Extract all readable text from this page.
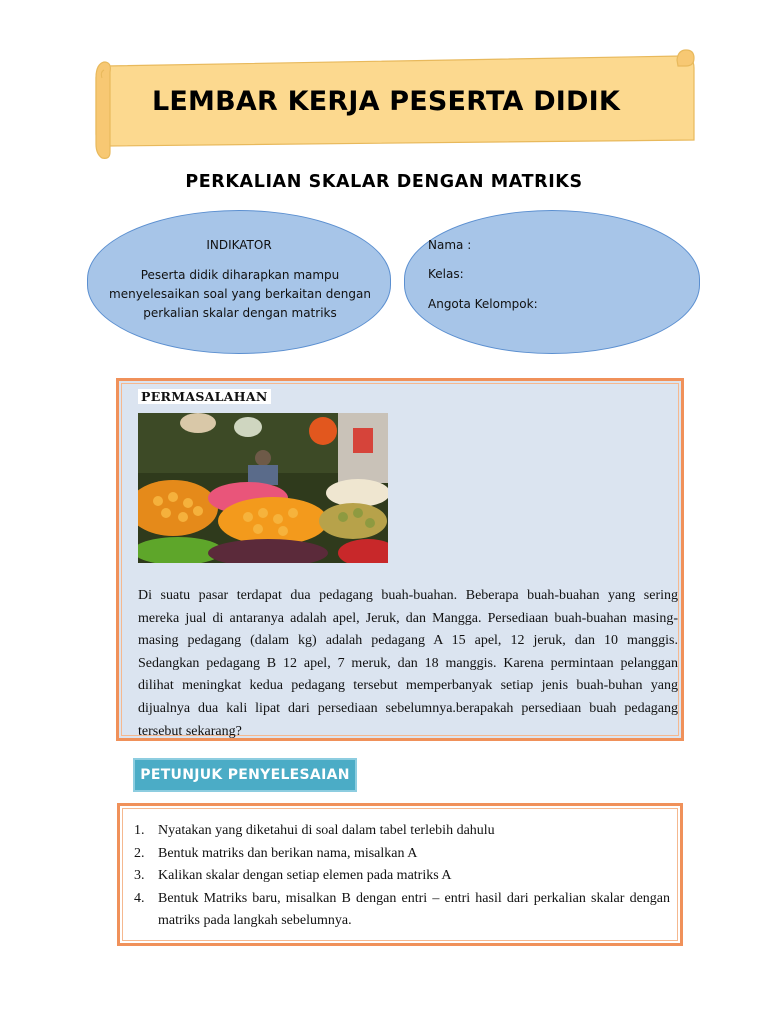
LEMBAR KERJA PESERTA DIDIK
PERKALIAN SKALAR DENGAN MATRIKS
INDIKATOR
Peserta didik diharapkan mampu menyelesaikan soal yang berkaitan dengan perkalian skalar dengan matriks
Nama :
Kelas:
Angota Kelompok:
PERMASALAHAN
Di suatu pasar terdapat dua pedagang buah-buahan. Beberapa buah-buahan yang sering
mereka jual di antaranya adalah apel, Jeruk, dan Mangga. Persediaan buah-buahan masing-
masing pedagang (dalam kg) adalah pedagang A 15 apel, 12 jeruk, dan 10 manggis.
Sedangkan pedagang B 12 apel, 7 meruk, dan 18 manggis. Karena permintaan pelanggan
dilihat meningkat kedua pedagang tersebut memperbanyak setiap jenis buah-buhan yang
dijualnya dua kali lipat dari persediaan sebelumnya.berapakah persediaan buah pedagang
tersebut sekarang?
PETUNJUK PENYELESAIAN
1. Nyatakan yang diketahui di soal dalam tabel terlebih dahulu
2. Bentuk matriks dan berikan nama, misalkan A
3. Kalikan skalar dengan setiap elemen pada matriks A
4. Bentuk Matriks baru, misalkan B dengan entri – entri hasil dari perkalian skalar dengan matriks pada langkah sebelumnya.
